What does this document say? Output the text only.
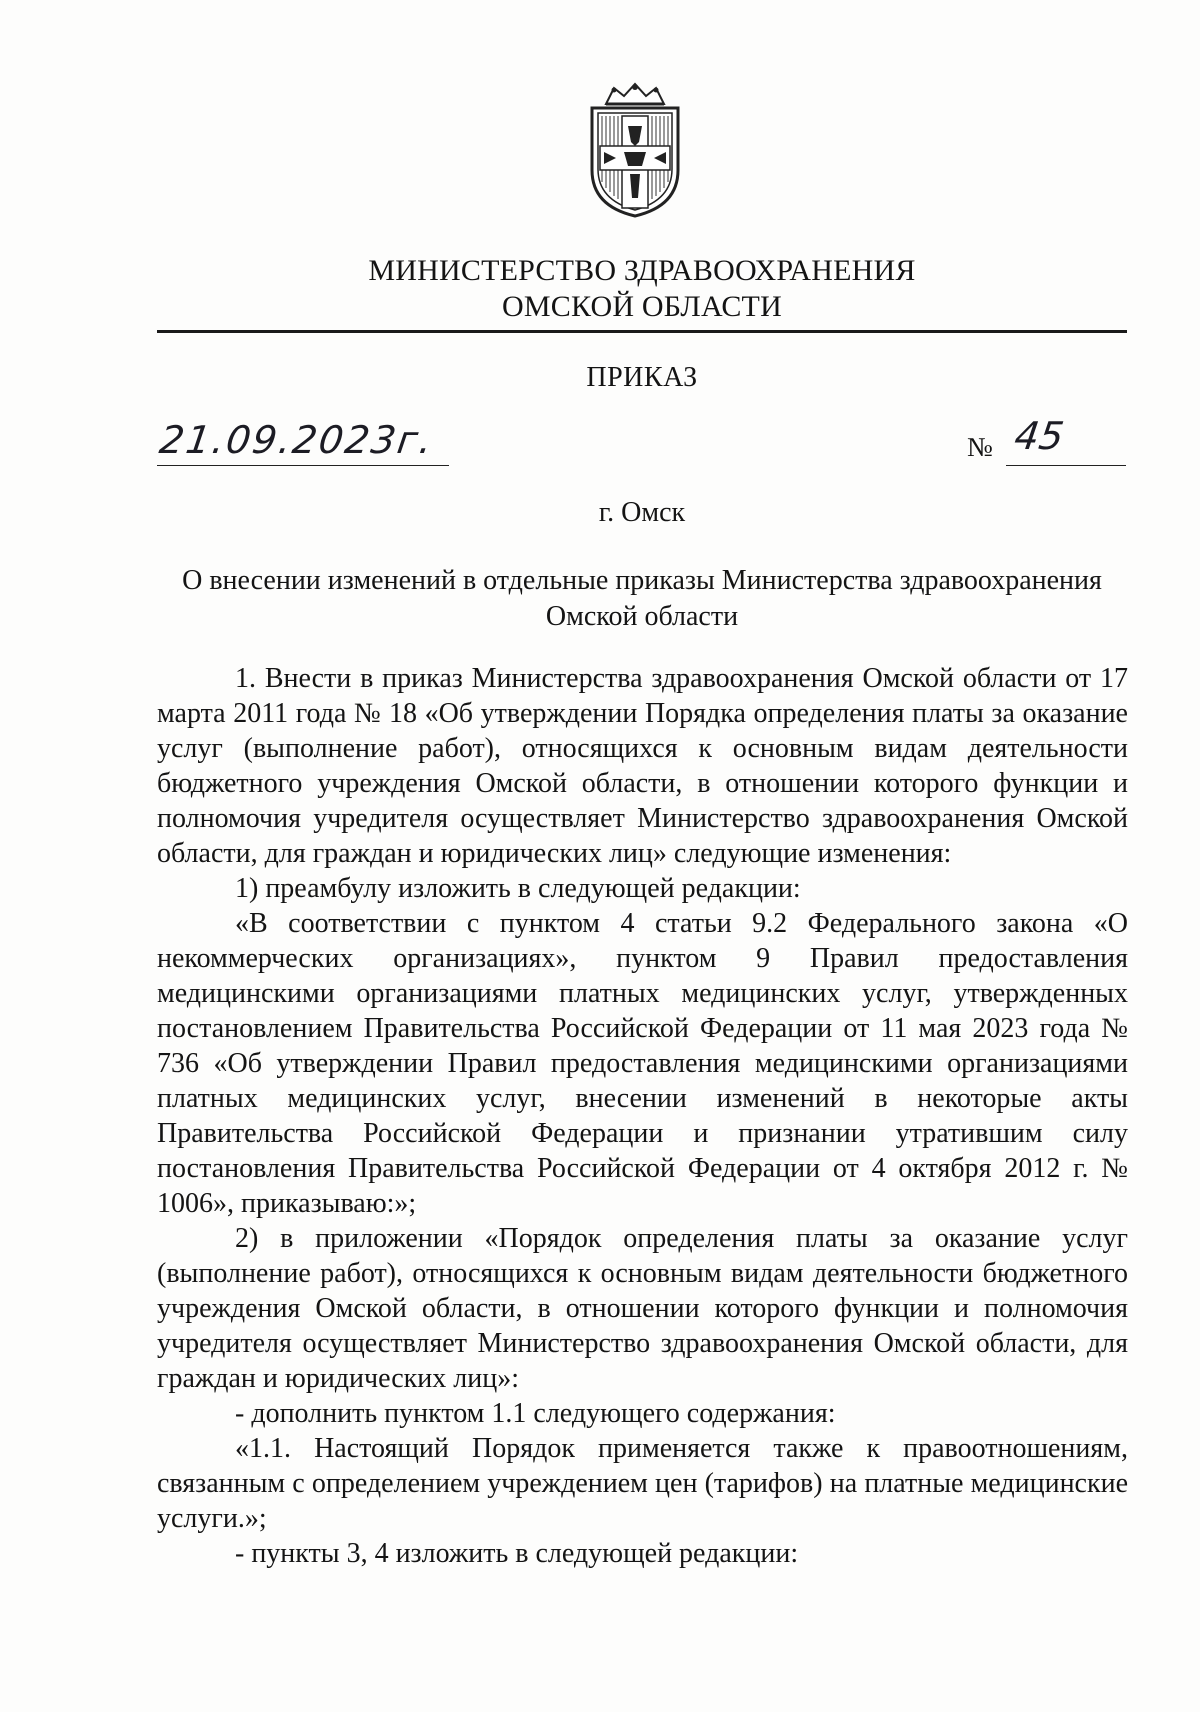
МИНИСТЕРСТВО ЗДРАВООХРАНЕНИЯ
ОМСКОЙ ОБЛАСТИ
ПРИКАЗ
21.09.2023г.	№ 45
г. Омск
О внесении изменений в отдельные приказы Министерства здравоохранения
Омской области

1. Внести в приказ Министерства здравоохранения Омской области от 17 марта 2011 года № 18 «Об утверждении Порядка определения платы за оказание услуг (выполнение работ), относящихся к основным видам деятельности бюджетного учреждения Омской области, в отношении которого функции и полномочия учредителя осуществляет Министерство здравоохранения Омской области, для граждан и юридических лиц» следующие изменения:

1) преамбулу изложить в следующей редакции:

«В соответствии с пунктом 4 статьи 9.2 Федерального закона «О некоммерческих организациях», пунктом 9 Правил предоставления медицинскими организациями платных медицинских услуг, утвержденных постановлением Правительства Российской Федерации от 11 мая 2023 года № 736 «Об утверждении Правил предоставления медицинскими организациями платных медицинских услуг, внесении изменений в некоторые акты Правительства Российской Федерации и признании утратившим силу постановления Правительства Российской Федерации от 4 октября 2012 г. № 1006», приказываю:»;

2) в приложении «Порядок определения платы за оказание услуг (выполнение работ), относящихся к основным видам деятельности бюджетного учреждения Омской области, в отношении которого функции и полномочия учредителя осуществляет Министерство здравоохранения Омской области, для граждан и юридических лиц»:

- дополнить пунктом 1.1 следующего содержания:

«1.1. Настоящий Порядок применяется также к правоотношениям, связанным с определением учреждением цен (тарифов) на платные медицинские услуги.»;

- пункты 3, 4 изложить в следующей редакции:
